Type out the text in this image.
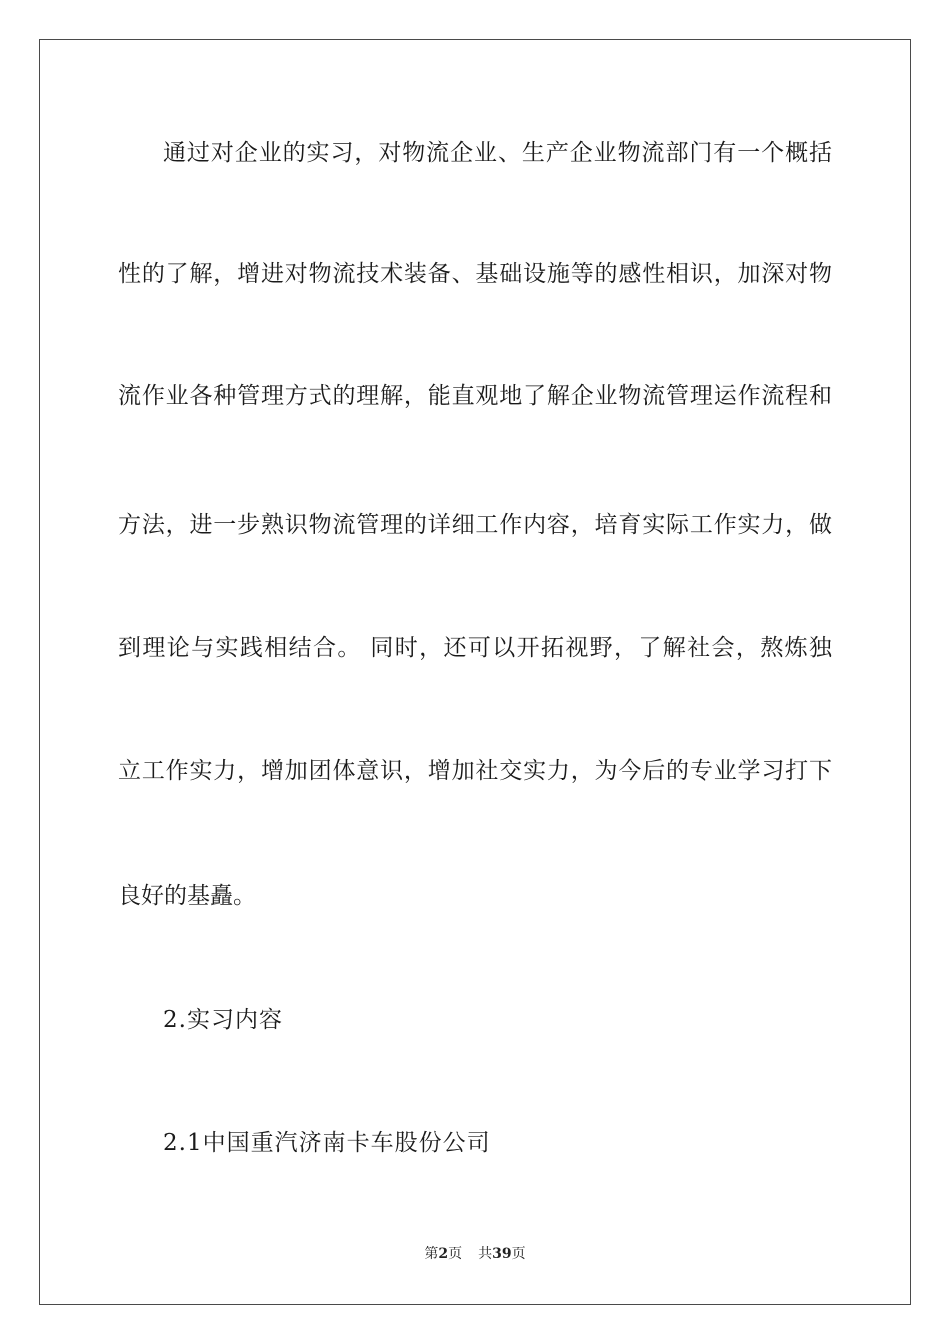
通过对企业的实习，对物流企业、生产企业物流部门有一个概括
性的了解，增进对物流技术装备、基础设施等的感性相识，加深对物
流作业各种管理方式的理解，能直观地了解企业物流管理运作流程和
方法，进一步熟识物流管理的详细工作内容，培育实际工作实力，做
到理论与实践相结合。 同时，还可以开拓视野，了解社会，熬炼独
立工作实力，增加团体意识，增加社交实力，为今后的专业学习打下
良好的基矗。
2.实习内容
2.1中国重汽济南卡车股份公司
第2页 共39页
